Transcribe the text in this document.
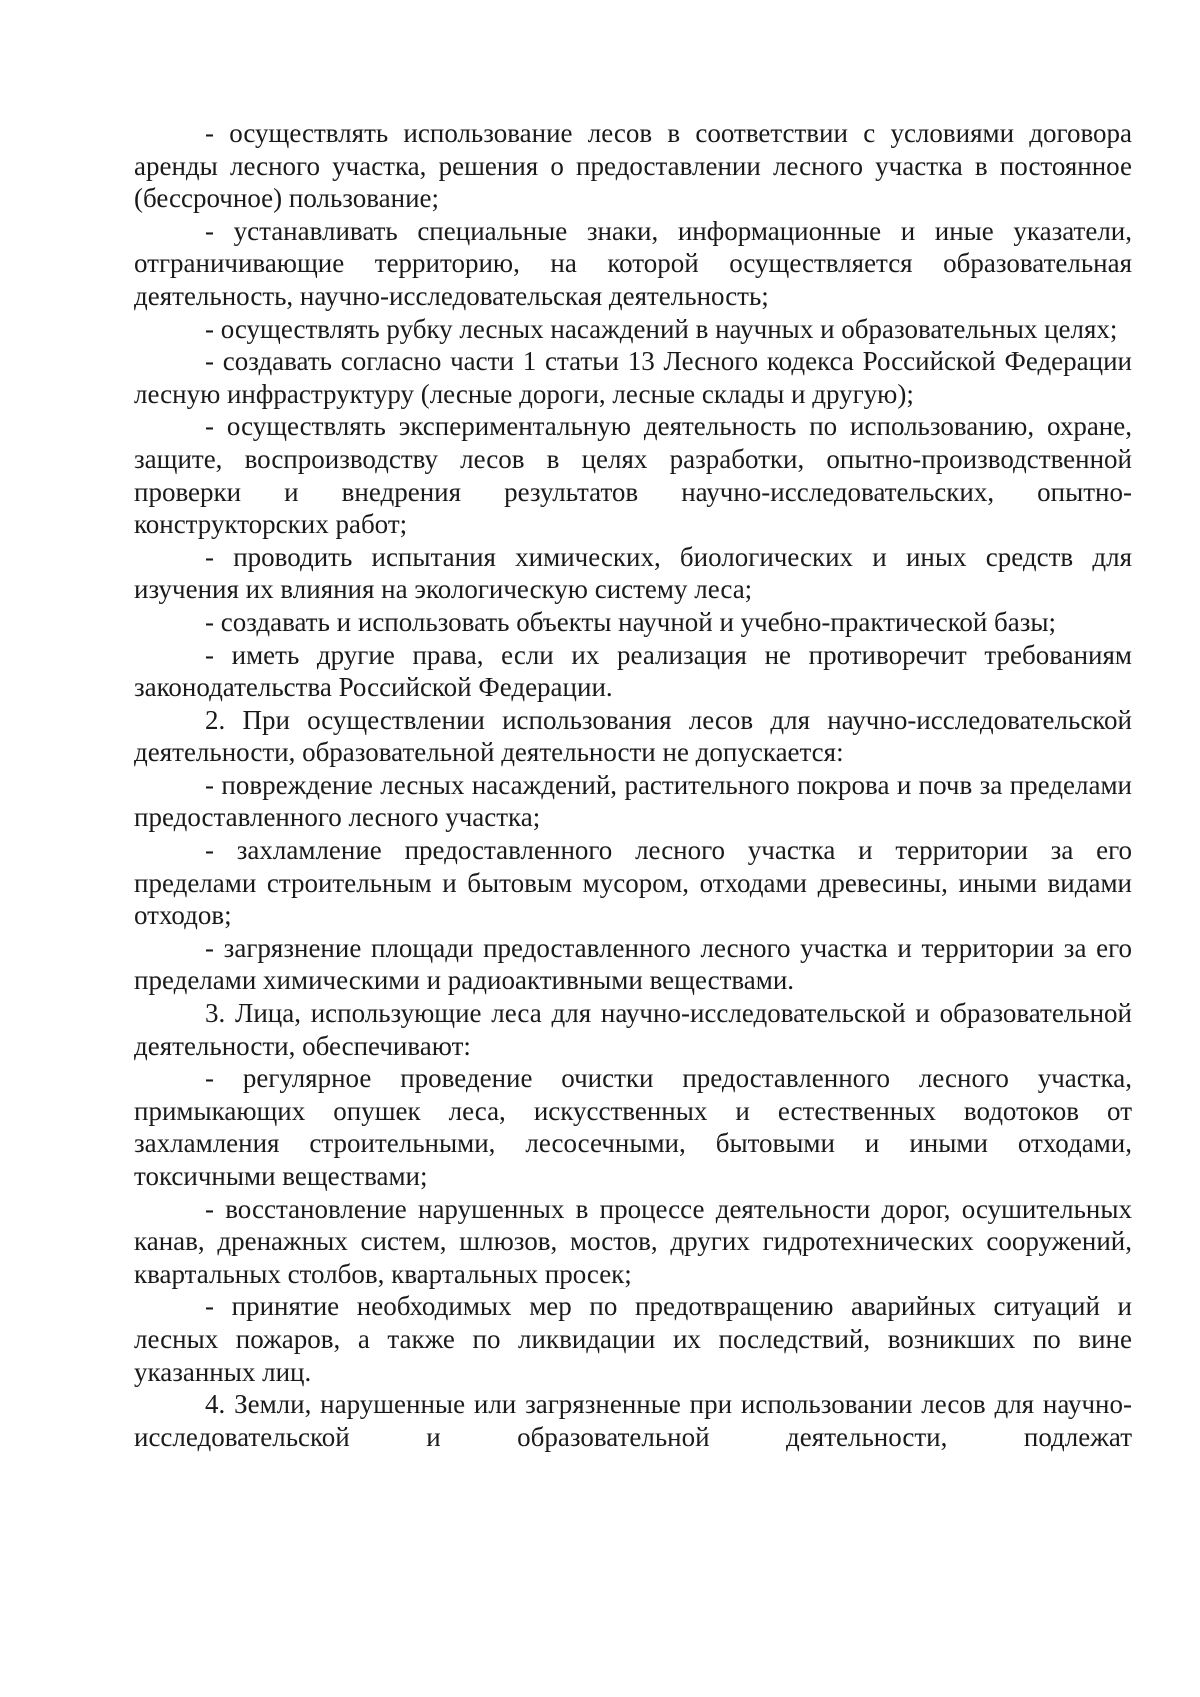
- осуществлять использование лесов в соответствии с условиями договора аренды лесного участка, решения о предоставлении лесного участка в постоянное (бессрочное) пользование;

- устанавливать специальные знаки, информационные и иные указатели, отграничивающие территорию, на которой осуществляется образовательная деятельность, научно-исследовательская деятельность;

- осуществлять рубку лесных насаждений в научных и образовательных целях;

- создавать согласно части 1 статьи 13 Лесного кодекса Российской Федерации лесную инфраструктуру (лесные дороги, лесные склады и другую);

- осуществлять экспериментальную деятельность по использованию, охране, защите, воспроизводству лесов в целях разработки, опытно-производственной проверки и внедрения результатов научно-исследовательских, опытно-конструкторских работ;

- проводить испытания химических, биологических и иных средств для изучения их влияния на экологическую систему леса;

- создавать и использовать объекты научной и учебно-практической базы;

- иметь другие права, если их реализация не противоречит требованиям законодательства Российской Федерации.

2. При осуществлении использования лесов для научно-исследовательской деятельности, образовательной деятельности не допускается:

- повреждение лесных насаждений, растительного покрова и почв за пределами предоставленного лесного участка;

- захламление предоставленного лесного участка и территории за его пределами строительным и бытовым мусором, отходами древесины, иными видами отходов;

- загрязнение площади предоставленного лесного участка и территории за его пределами химическими и радиоактивными веществами.

3. Лица, использующие леса для научно-исследовательской и образовательной деятельности, обеспечивают:

- регулярное проведение очистки предоставленного лесного участка, примыкающих опушек леса, искусственных и естественных водотоков от захламления строительными, лесосечными, бытовыми и иными отходами, токсичными веществами;

- восстановление нарушенных в процессе деятельности дорог, осушительных канав, дренажных систем, шлюзов, мостов, других гидротехнических сооружений, квартальных столбов, квартальных просек;

- принятие необходимых мер по предотвращению аварийных ситуаций и лесных пожаров, а также по ликвидации их последствий, возникших по вине указанных лиц.

4. Земли, нарушенные или загрязненные при использовании лесов для научно-исследовательской и образовательной деятельности, подлежат
